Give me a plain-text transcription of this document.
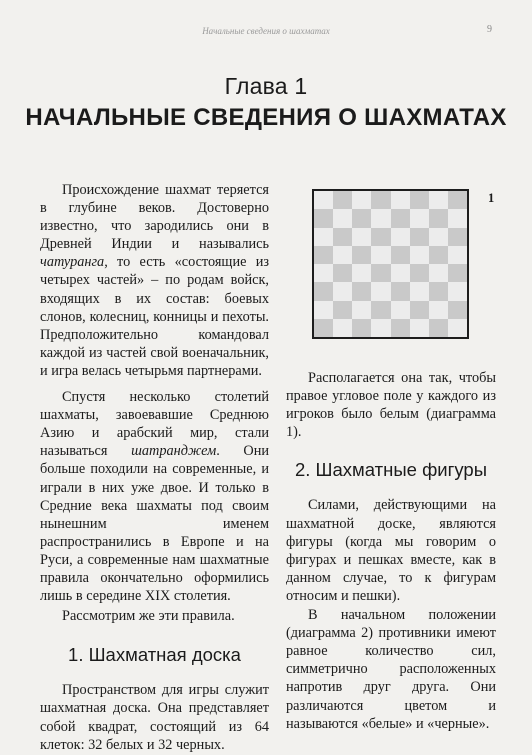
Начальные сведения о шахматах	9
Глава 1
НАЧАЛЬНЫЕ СВЕДЕНИЯ О ШАХМАТАХ

Происхождение шахмат теряется в глубине веков. Достоверно известно, что зародились они в Древней Индии и назывались чатуранга, то есть «состоящие из четырех частей» – по родам войск, входящих в их состав: боевых слонов, колесниц, конницы и пехоты. Предположительно командовал каждой из частей свой военачальник, и игра велась четырьмя партнерами.

Спустя несколько столетий шахматы, завоевавшие Среднюю Азию и арабский мир, стали называться шатранджем. Они больше походили на современные, и играли в них уже двое. И только в Средние века шахматы под своим нынешним именем распространились в Европе и на Руси, а современные нам шахматные правила окончательно оформились лишь в середине XIX столетия.

Рассмотрим же эти правила.

1. Шахматная доска

Пространством для игры служит шахматная доска. Она представляет собой квадрат, состоящий из 64 клеток: 32 белых и 32 черных.

1

Располагается она так, чтобы правое угловое поле у каждого из игроков было белым (диаграмма 1).

2. Шахматные фигуры

Силами, действующими на шахматной доске, являются фигуры (когда мы говорим о фигурах и пешках вместе, как в данном случае, то к фигурам относим и пешки).

В начальном положении (диаграмма 2) противники имеют равное количество сил, симметрично расположенных напротив друг друга. Они различаются цветом и называются «белые» и «черные».
